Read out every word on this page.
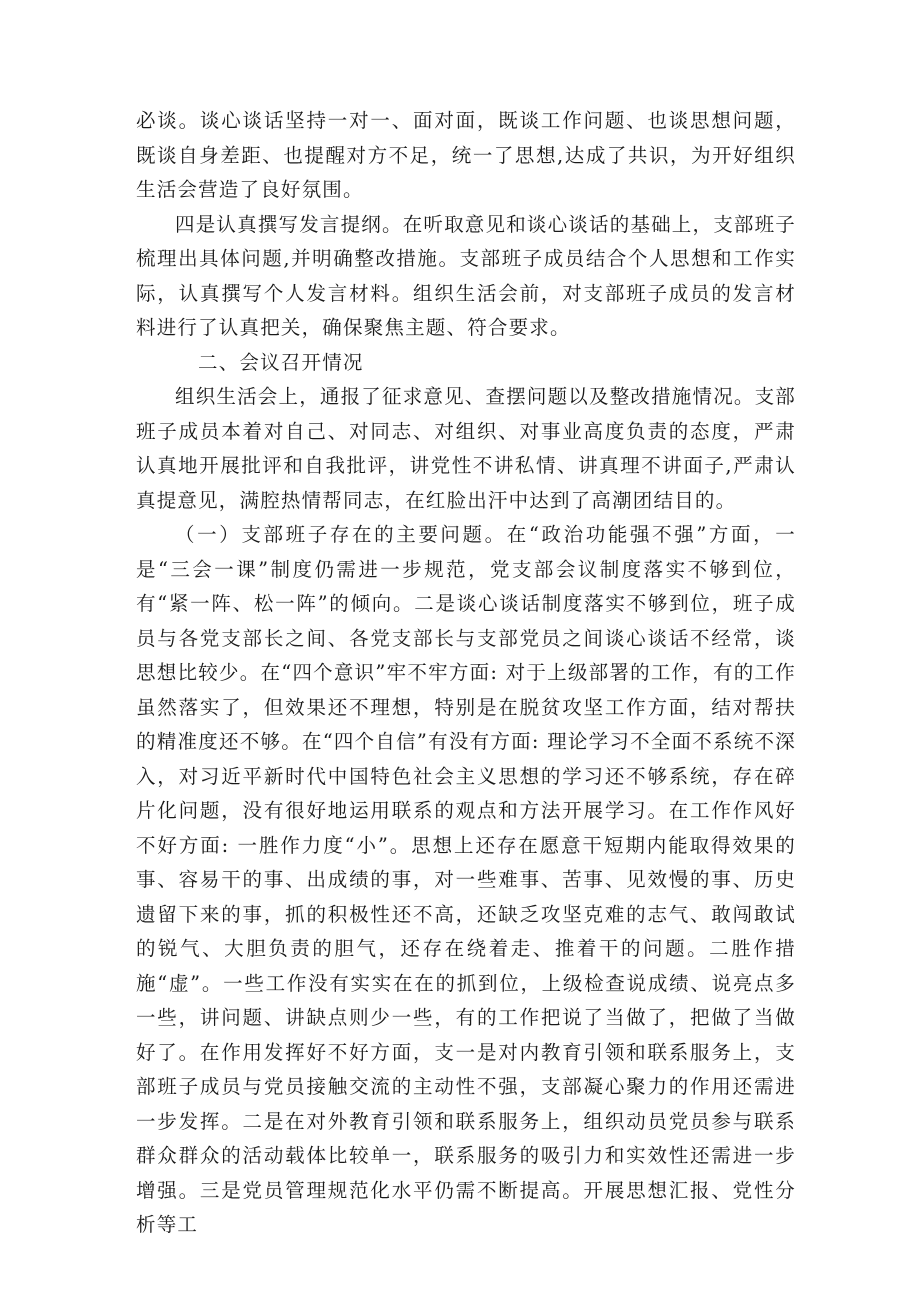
必谈。谈心谈话坚持一对一、面对面，既谈工作问题、也谈思想问题，既谈自身差距、也提醒对方不足，统一了思想,达成了共识，为开好组织生活会营造了良好氛围。

四是认真撰写发言提纲。在听取意见和谈心谈话的基础上，支部班子梳理出具体问题,并明确整改措施。支部班子成员结合个人思想和工作实际，认真撰写个人发言材料。组织生活会前，对支部班子成员的发言材料进行了认真把关，确保聚焦主题、符合要求。

二、会议召开情况

组织生活会上，通报了征求意见、查摆问题以及整改措施情况。支部班子成员本着对自己、对同志、对组织、对事业高度负责的态度，严肃认真地开展批评和自我批评，讲党性不讲私情、讲真理不讲面子,严肃认真提意见，满腔热情帮同志，在红脸出汗中达到了高潮团结目的。

（一）支部班子存在的主要问题。在“政治功能强不强”方面，一是“三会一课”制度仍需进一步规范，党支部会议制度落实不够到位，有“紧一阵、松一阵”的倾向。二是谈心谈话制度落实不够到位，班子成员与各党支部长之间、各党支部长与支部党员之间谈心谈话不经常，谈思想比较少。在“四个意识”牢不牢方面: 对于上级部署的工作，有的工作虽然落实了，但效果还不理想，特别是在脱贫攻坚工作方面，结对帮扶的精准度还不够。在“四个自信”有没有方面: 理论学习不全面不系统不深入，对习近平新时代中国特色社会主义思想的学习还不够系统，存在碎片化问题，没有很好地运用联系的观点和方法开展学习。在工作作风好不好方面: 一胜作力度“小”。思想上还存在愿意干短期内能取得效果的事、容易干的事、出成绩的事，对一些难事、苦事、见效慢的事、历史遗留下来的事，抓的积极性还不高，还缺乏攻坚克难的志气、敢闯敢试的锐气、大胆负责的胆气，还存在绕着走、推着干的问题。二胜作措施“虚”。一些工作没有实实在在的抓到位，上级检查说成绩、说亮点多一些，讲问题、讲缺点则少一些，有的工作把说了当做了，把做了当做好了。在作用发挥好不好方面，支一是对内教育引领和联系服务上，支部班子成员与党员接触交流的主动性不强，支部凝心聚力的作用还需进一步发挥。二是在对外教育引领和联系服务上，组织动员党员参与联系群众群众的活动载体比较单一，联系服务的吸引力和实效性还需进一步增强。三是党员管理规范化水平仍需不断提高。开展思想汇报、党性分析等工
